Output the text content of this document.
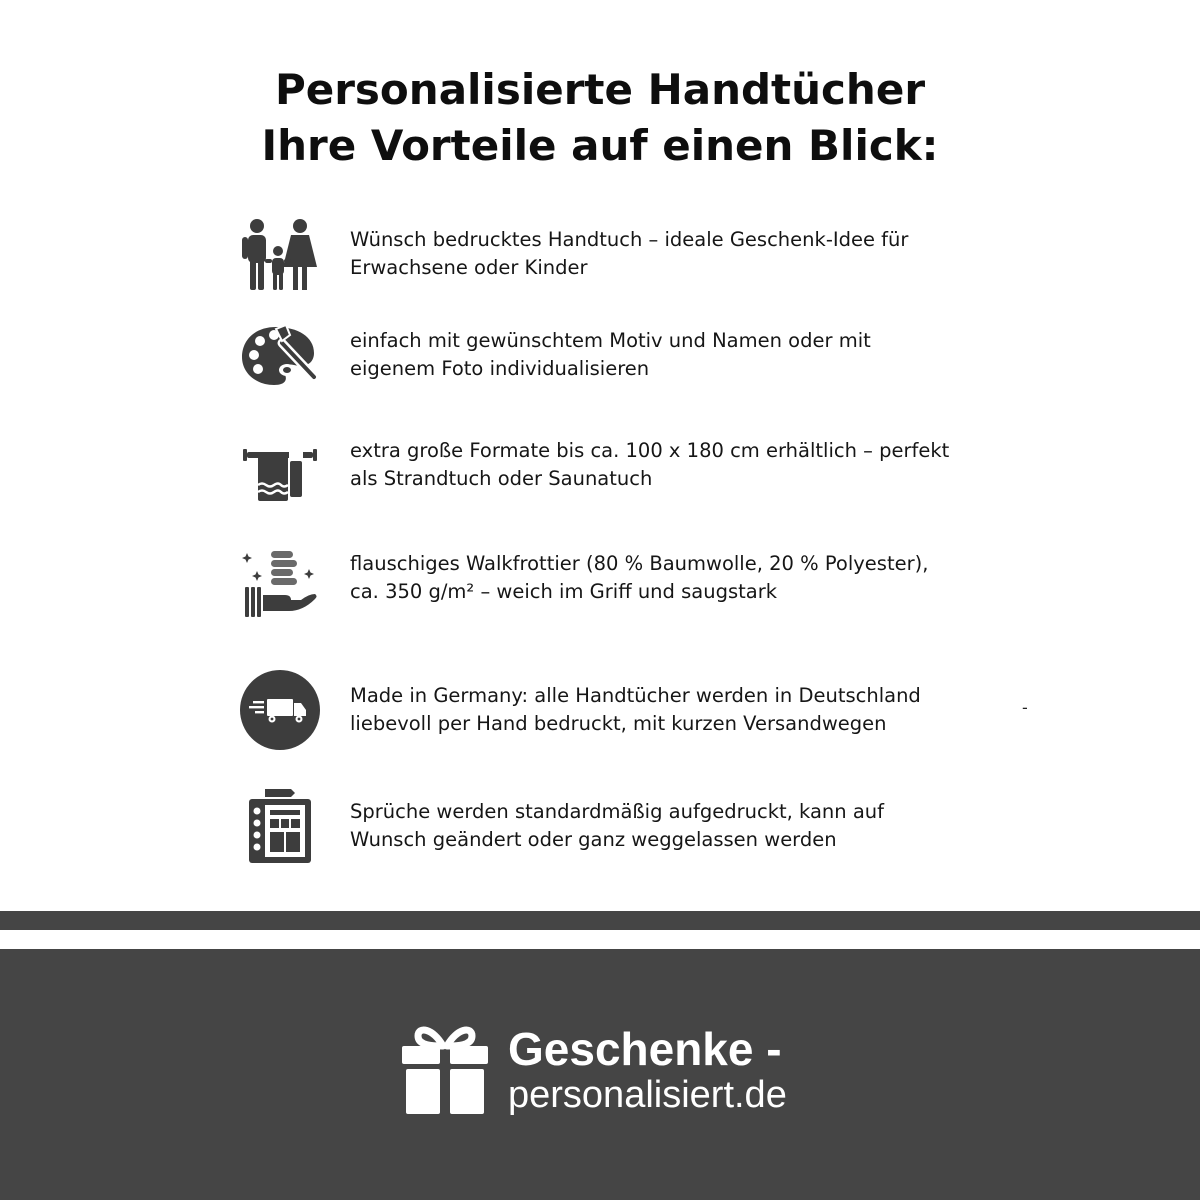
Personalisierte Handtücher
Ihre Vorteile auf einen Blick:

Wünsch bedrucktes Handtuch – ideale Geschenk-Idee für
Erwachsene oder Kinder

einfach mit gewünschtem Motiv und Namen oder mit
eigenem Foto individualisieren

extra große Formate bis ca. 100 x 180 cm erhältlich – perfekt
als Strandtuch oder Saunatuch

flauschiges Walkfrottier (80 % Baumwolle, 20 % Polyester),
ca. 350 g/m² – weich im Griff und saugstark

Made in Germany: alle Handtücher werden in Deutschland
liebevoll per Hand bedruckt, mit kurzen Versandwegen

-

Sprüche werden standardmäßig aufgedruckt, kann auf
Wunsch geändert oder ganz weggelassen werden

Geschenke -
personalisiert.de
